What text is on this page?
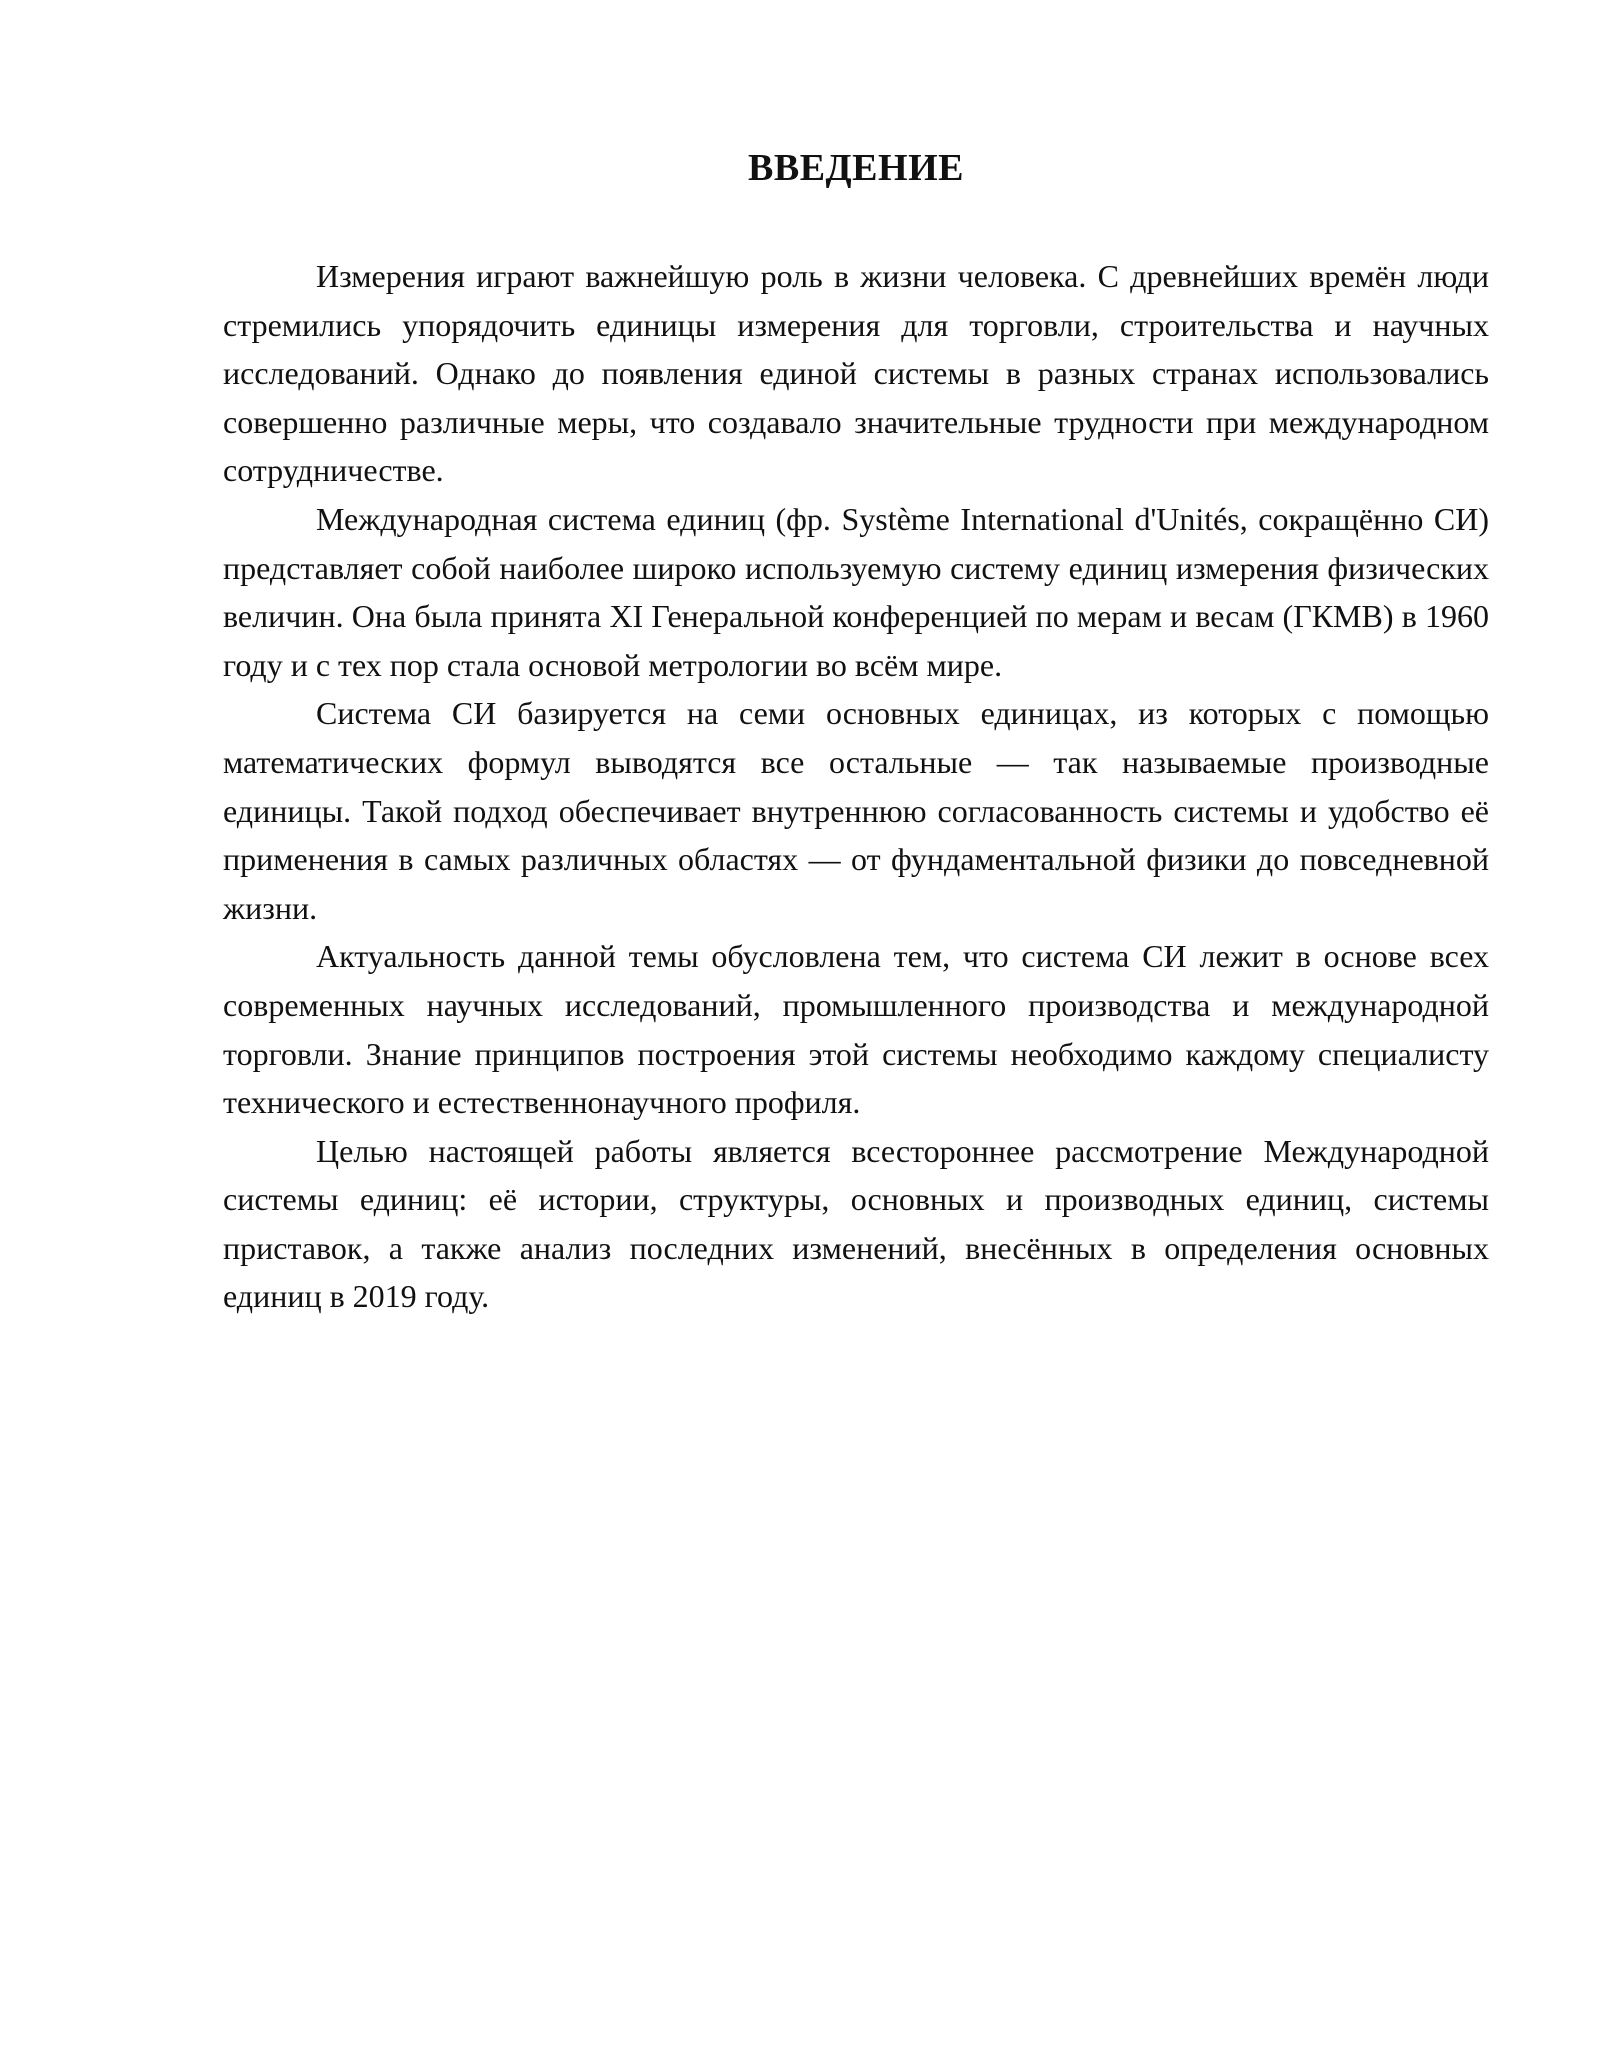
ВВЕДЕНИЕ

Измерения играют важнейшую роль в жизни человека. С древнейших времён люди стремились упорядочить единицы измерения для торговли, строительства и научных исследований. Однако до появления единой системы в разных странах использовались совершенно различные меры, что создавало значительные трудности при международном сотрудничестве.

Международная система единиц (фр. Système International d'Unités, сокращённо СИ) представляет собой наиболее широко используемую систему единиц измерения физических величин. Она была принята XI Генеральной конференцией по мерам и весам (ГКМВ) в 1960 году и с тех пор стала основой метрологии во всём мире.

Система СИ базируется на семи основных единицах, из которых с помощью математических формул выводятся все остальные — так называемые производные единицы. Такой подход обеспечивает внутреннюю согласованность системы и удобство её применения в самых различных областях — от фундаментальной физики до повседневной жизни.

Актуальность данной темы обусловлена тем, что система СИ лежит в основе всех современных научных исследований, промышленного производства и международной торговли. Знание принципов построения этой системы необходимо каждому специалисту технического и естественнонаучного профиля.

Целью настоящей работы является всестороннее рассмотрение Международной системы единиц: её истории, структуры, основных и производных единиц, системы приставок, а также анализ последних изменений, внесённых в определения основных единиц в 2019 году.
